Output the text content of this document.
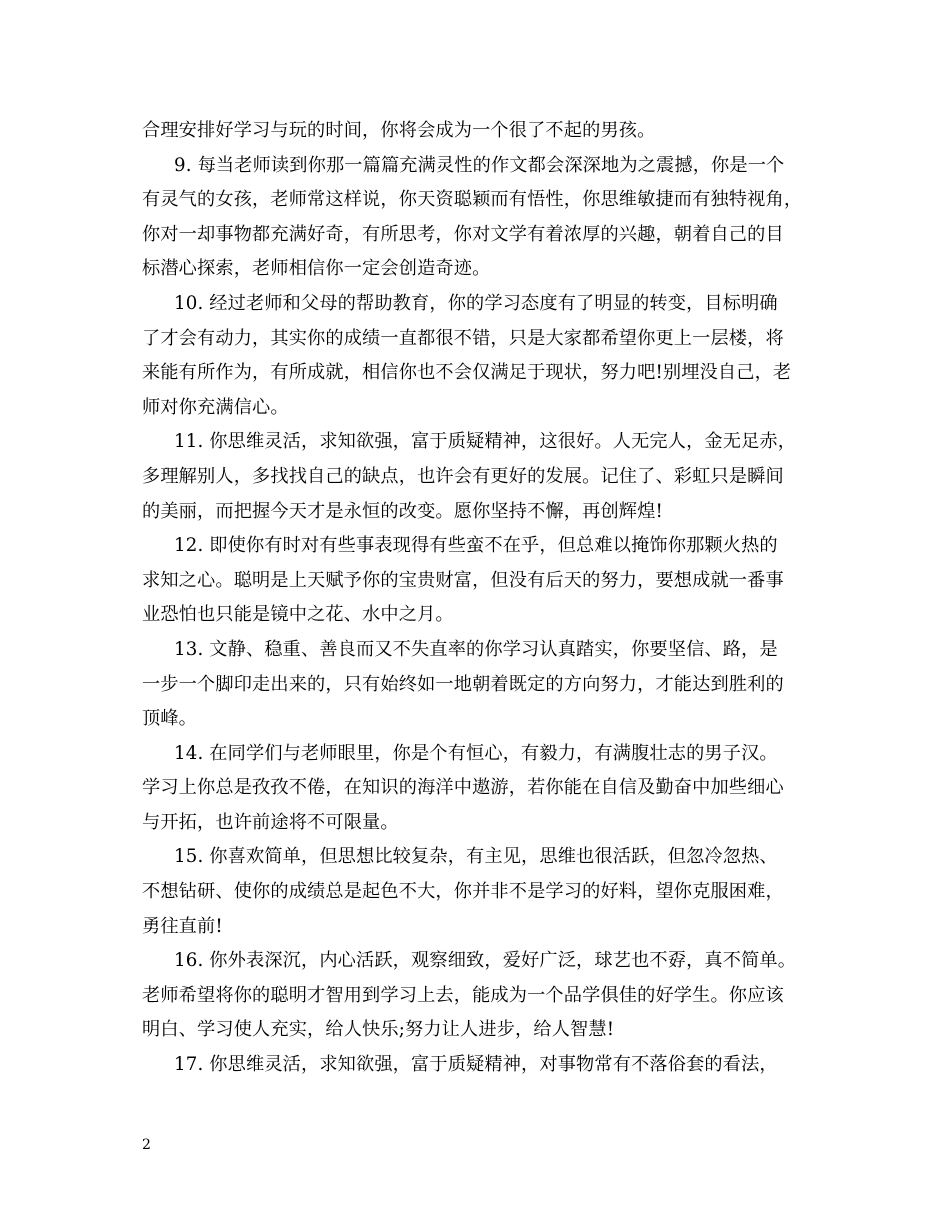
合理安排好学习与玩的时间，你将会成为一个很了不起的男孩。
9. 每当老师读到你那一篇篇充满灵性的作文都会深深地为之震撼，你是一个
有灵气的女孩，老师常这样说，你天资聪颖而有悟性，你思维敏捷而有独特视角，
你对一却事物都充满好奇，有所思考，你对文学有着浓厚的兴趣，朝着自己的目
标潜心探索，老师相信你一定会创造奇迹。
10. 经过老师和父母的帮助教育，你的学习态度有了明显的转变，目标明确
了才会有动力，其实你的成绩一直都很不错，只是大家都希望你更上一层楼，将
来能有所作为，有所成就，相信你也不会仅满足于现状，努力吧!别埋没自己，老
师对你充满信心。
11. 你思维灵活，求知欲强，富于质疑精神，这很好。人无完人，金无足赤，
多理解别人，多找找自己的缺点，也许会有更好的发展。记住了、彩虹只是瞬间
的美丽，而把握今天才是永恒的改变。愿你坚持不懈，再创辉煌!
12. 即使你有时对有些事表现得有些蛮不在乎，但总难以掩饰你那颗火热的
求知之心。聪明是上天赋予你的宝贵财富，但没有后天的努力，要想成就一番事
业恐怕也只能是镜中之花、水中之月。
13. 文静、稳重、善良而又不失直率的你学习认真踏实，你要坚信、路，是
一步一个脚印走出来的，只有始终如一地朝着既定的方向努力，才能达到胜利的
顶峰。
14. 在同学们与老师眼里，你是个有恒心，有毅力，有满腹壮志的男子汉。
学习上你总是孜孜不倦，在知识的海洋中遨游，若你能在自信及勤奋中加些细心
与开拓，也许前途将不可限量。
15. 你喜欢简单，但思想比较复杂，有主见，思维也很活跃，但忽冷忽热、
不想钻研、使你的成绩总是起色不大，你并非不是学习的好料，望你克服困难，
勇往直前!
16. 你外表深沉，内心活跃，观察细致，爱好广泛，球艺也不孬，真不简单。
老师希望将你的聪明才智用到学习上去，能成为一个品学俱佳的好学生。你应该
明白、学习使人充实，给人快乐;努力让人进步，给人智慧!
17. 你思维灵活，求知欲强，富于质疑精神，对事物常有不落俗套的看法，
2
